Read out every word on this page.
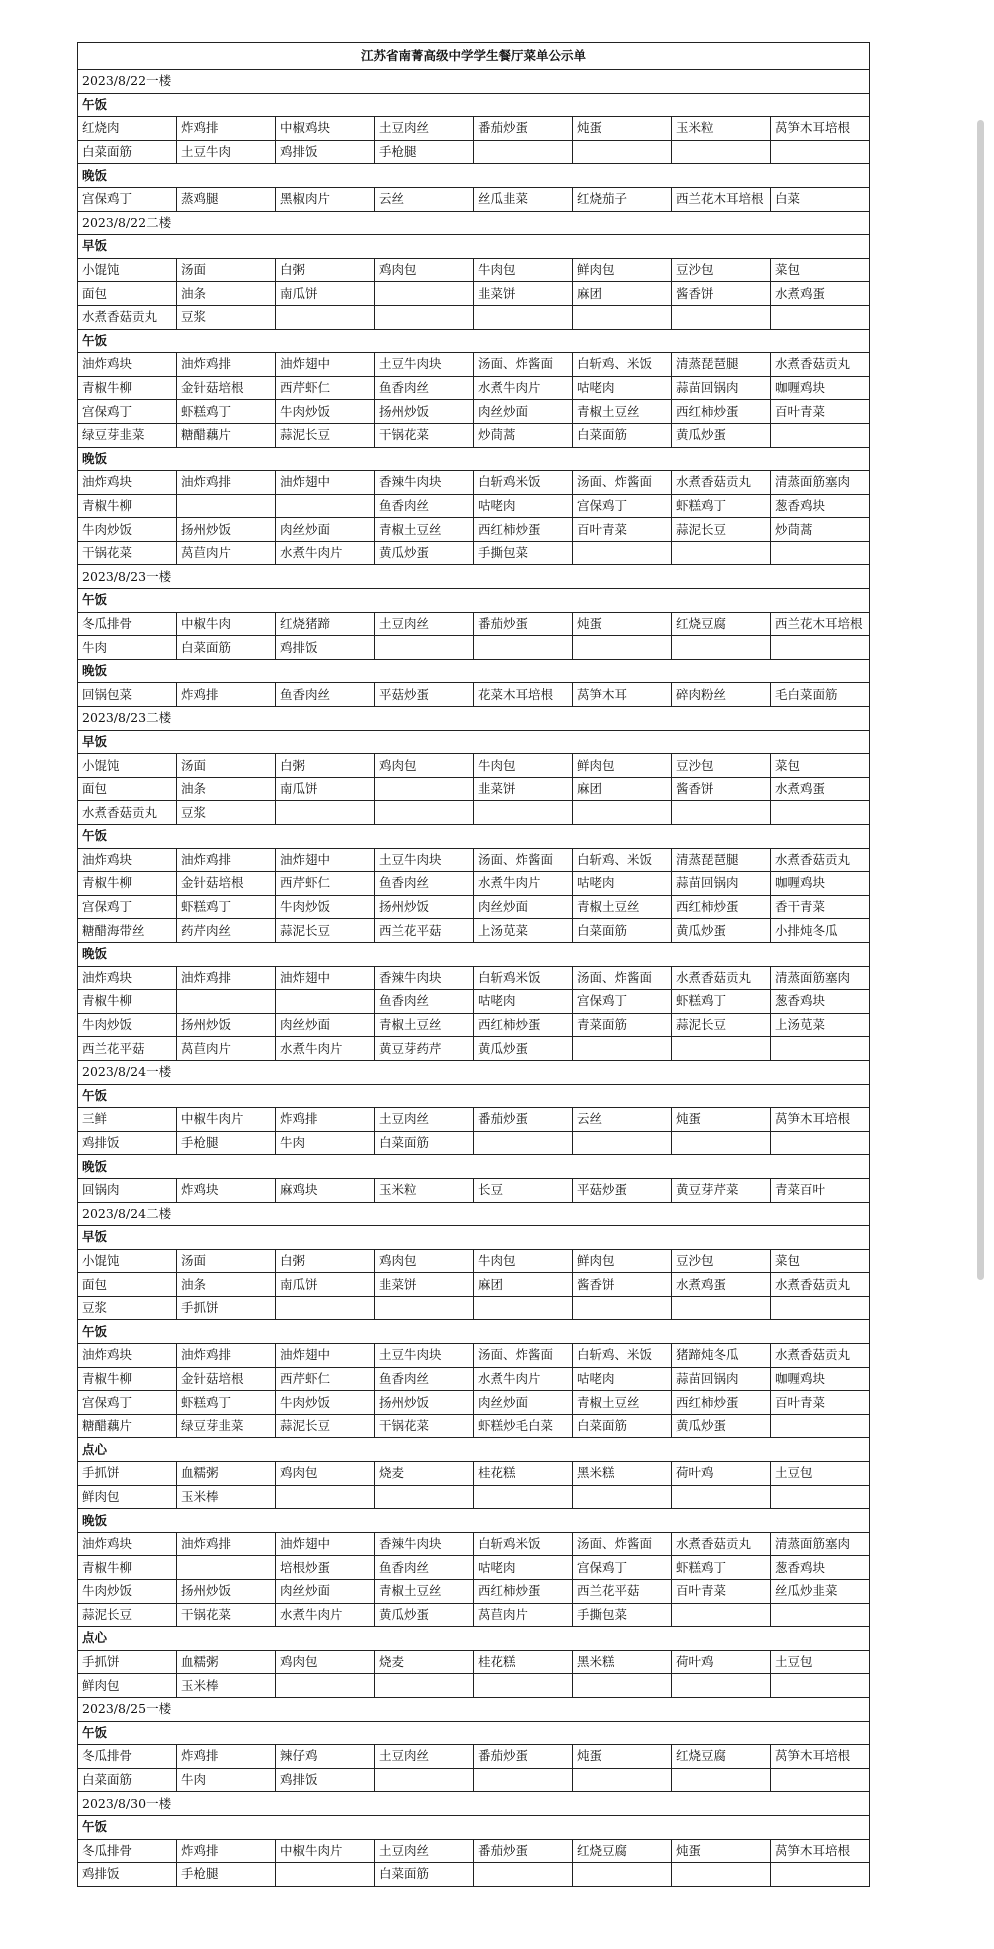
江苏省南菁高级中学学生餐厅菜单公示单							
2023/8/22一楼							
午饭							
红烧肉	炸鸡排	中椒鸡块	土豆肉丝	番茄炒蛋	炖蛋	玉米粒	莴笋木耳培根
白菜面筋	土豆牛肉	鸡排饭	手枪腿				
晚饭							
宫保鸡丁	蒸鸡腿	黑椒肉片	云丝	丝瓜韭菜	红烧茄子	西兰花木耳培根	白菜
2023/8/22二楼							
早饭							
小馄饨	汤面	白粥	鸡肉包	牛肉包	鲜肉包	豆沙包	菜包
面包	油条	南瓜饼		韭菜饼	麻团	酱香饼	水煮鸡蛋
水煮香菇贡丸	豆浆						
午饭							
油炸鸡块	油炸鸡排	油炸翅中	土豆牛肉块	汤面、炸酱面	白斩鸡、米饭	清蒸琵琶腿	水煮香菇贡丸
青椒牛柳	金针菇培根	西芹虾仁	鱼香肉丝	水煮牛肉片	咕咾肉	蒜苗回锅肉	咖喱鸡块
宫保鸡丁	虾糕鸡丁	牛肉炒饭	扬州炒饭	肉丝炒面	青椒土豆丝	西红柿炒蛋	百叶青菜
绿豆芽韭菜	糖醋藕片	蒜泥长豆	干锅花菜	炒茼蒿	白菜面筋	黄瓜炒蛋	
晚饭							
油炸鸡块	油炸鸡排	油炸翅中	香辣牛肉块	白斩鸡米饭	汤面、炸酱面	水煮香菇贡丸	清蒸面筋塞肉
青椒牛柳			鱼香肉丝	咕咾肉	宫保鸡丁	虾糕鸡丁	葱香鸡块
牛肉炒饭	扬州炒饭	肉丝炒面	青椒土豆丝	西红柿炒蛋	百叶青菜	蒜泥长豆	炒茼蒿
干锅花菜	莴苣肉片	水煮牛肉片	黄瓜炒蛋	手撕包菜			
2023/8/23一楼							
午饭							
冬瓜排骨	中椒牛肉	红烧猪蹄	土豆肉丝	番茄炒蛋	炖蛋	红烧豆腐	西兰花木耳培根
牛肉	白菜面筋	鸡排饭					
晚饭							
回锅包菜	炸鸡排	鱼香肉丝	平菇炒蛋	花菜木耳培根	莴笋木耳	碎肉粉丝	毛白菜面筋
2023/8/23二楼							
早饭							
小馄饨	汤面	白粥	鸡肉包	牛肉包	鲜肉包	豆沙包	菜包
面包	油条	南瓜饼		韭菜饼	麻团	酱香饼	水煮鸡蛋
水煮香菇贡丸	豆浆						
午饭							
油炸鸡块	油炸鸡排	油炸翅中	土豆牛肉块	汤面、炸酱面	白斩鸡、米饭	清蒸琵琶腿	水煮香菇贡丸
青椒牛柳	金针菇培根	西芹虾仁	鱼香肉丝	水煮牛肉片	咕咾肉	蒜苗回锅肉	咖喱鸡块
宫保鸡丁	虾糕鸡丁	牛肉炒饭	扬州炒饭	肉丝炒面	青椒土豆丝	西红柿炒蛋	香干青菜
糖醋海带丝	药芹肉丝	蒜泥长豆	西兰花平菇	上汤苋菜	白菜面筋	黄瓜炒蛋	小排炖冬瓜
晚饭							
油炸鸡块	油炸鸡排	油炸翅中	香辣牛肉块	白斩鸡米饭	汤面、炸酱面	水煮香菇贡丸	清蒸面筋塞肉
青椒牛柳			鱼香肉丝	咕咾肉	宫保鸡丁	虾糕鸡丁	葱香鸡块
牛肉炒饭	扬州炒饭	肉丝炒面	青椒土豆丝	西红柿炒蛋	青菜面筋	蒜泥长豆	上汤苋菜
西兰花平菇	莴苣肉片	水煮牛肉片	黄豆芽药芹	黄瓜炒蛋			
2023/8/24一楼							
午饭							
三鲜	中椒牛肉片	炸鸡排	土豆肉丝	番茄炒蛋	云丝	炖蛋	莴笋木耳培根
鸡排饭	手枪腿	牛肉	白菜面筋				
晚饭							
回锅肉	炸鸡块	麻鸡块	玉米粒	长豆	平菇炒蛋	黄豆芽芹菜	青菜百叶
2023/8/24二楼							
早饭							
小馄饨	汤面	白粥	鸡肉包	牛肉包	鲜肉包	豆沙包	菜包
面包	油条	南瓜饼	韭菜饼	麻团	酱香饼	水煮鸡蛋	水煮香菇贡丸
豆浆	手抓饼						
午饭							
油炸鸡块	油炸鸡排	油炸翅中	土豆牛肉块	汤面、炸酱面	白斩鸡、米饭	猪蹄炖冬瓜	水煮香菇贡丸
青椒牛柳	金针菇培根	西芹虾仁	鱼香肉丝	水煮牛肉片	咕咾肉	蒜苗回锅肉	咖喱鸡块
宫保鸡丁	虾糕鸡丁	牛肉炒饭	扬州炒饭	肉丝炒面	青椒土豆丝	西红柿炒蛋	百叶青菜
糖醋藕片	绿豆芽韭菜	蒜泥长豆	干锅花菜	虾糕炒毛白菜	白菜面筋	黄瓜炒蛋	
点心							
手抓饼	血糯粥	鸡肉包	烧麦	桂花糕	黑米糕	荷叶鸡	土豆包
鲜肉包	玉米棒						
晚饭							
油炸鸡块	油炸鸡排	油炸翅中	香辣牛肉块	白斩鸡米饭	汤面、炸酱面	水煮香菇贡丸	清蒸面筋塞肉
青椒牛柳		培根炒蛋	鱼香肉丝	咕咾肉	宫保鸡丁	虾糕鸡丁	葱香鸡块
牛肉炒饭	扬州炒饭	肉丝炒面	青椒土豆丝	西红柿炒蛋	西兰花平菇	百叶青菜	丝瓜炒韭菜
蒜泥长豆	干锅花菜	水煮牛肉片	黄瓜炒蛋	莴苣肉片	手撕包菜		
点心							
手抓饼	血糯粥	鸡肉包	烧麦	桂花糕	黑米糕	荷叶鸡	土豆包
鲜肉包	玉米棒						
2023/8/25一楼							
午饭							
冬瓜排骨	炸鸡排	辣仔鸡	土豆肉丝	番茄炒蛋	炖蛋	红烧豆腐	莴笋木耳培根
白菜面筋	牛肉	鸡排饭					
2023/8/30一楼							
午饭							
冬瓜排骨	炸鸡排	中椒牛肉片	土豆肉丝	番茄炒蛋	红烧豆腐	炖蛋	莴笋木耳培根
鸡排饭	手枪腿		白菜面筋				
